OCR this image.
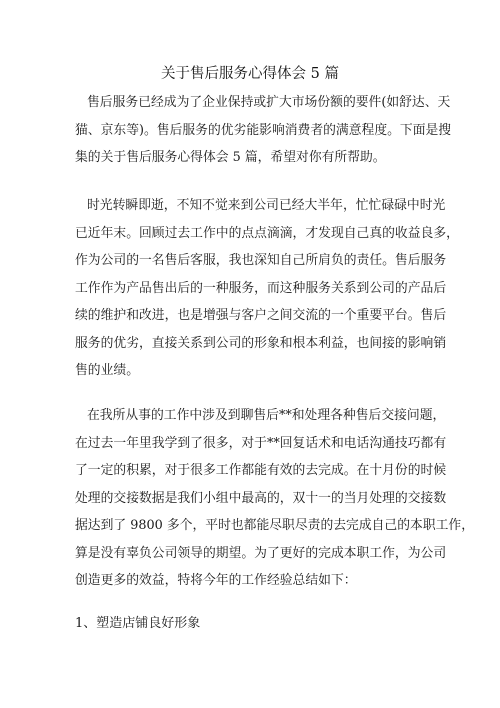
关于售后服务心得体会 5 篇
售后服务已经成为了企业保持或扩大市场份额的要件(如舒达、天
猫、京东等)。售后服务的优劣能影响消费者的满意程度。下面是搜
集的关于售后服务心得体会 5 篇，希望对你有所帮助。
时光转瞬即逝，不知不觉来到公司已经大半年，忙忙碌碌中时光
已近年末。回顾过去工作中的点点滴滴，才发现自己真的收益良多，
作为公司的一名售后客服，我也深知自己所肩负的责任。售后服务
工作作为产品售出后的一种服务，而这种服务关系到公司的产品后
续的维护和改进，也是增强与客户之间交流的一个重要平台。售后
服务的优劣，直接关系到公司的形象和根本利益，也间接的影响销
售的业绩。
在我所从事的工作中涉及到聊售后**和处理各种售后交接问题，
在过去一年里我学到了很多，对于**回复话术和电话沟通技巧都有
了一定的积累，对于很多工作都能有效的去完成。在十月份的时候
处理的交接数据是我们小组中最高的，双十一的当月处理的交接数
据达到了 9800 多个，平时也都能尽职尽责的去完成自己的本职工作，
算是没有辜负公司领导的期望。为了更好的完成本职工作，为公司
创造更多的效益，特将今年的工作经验总结如下：
1、塑造店铺良好形象
